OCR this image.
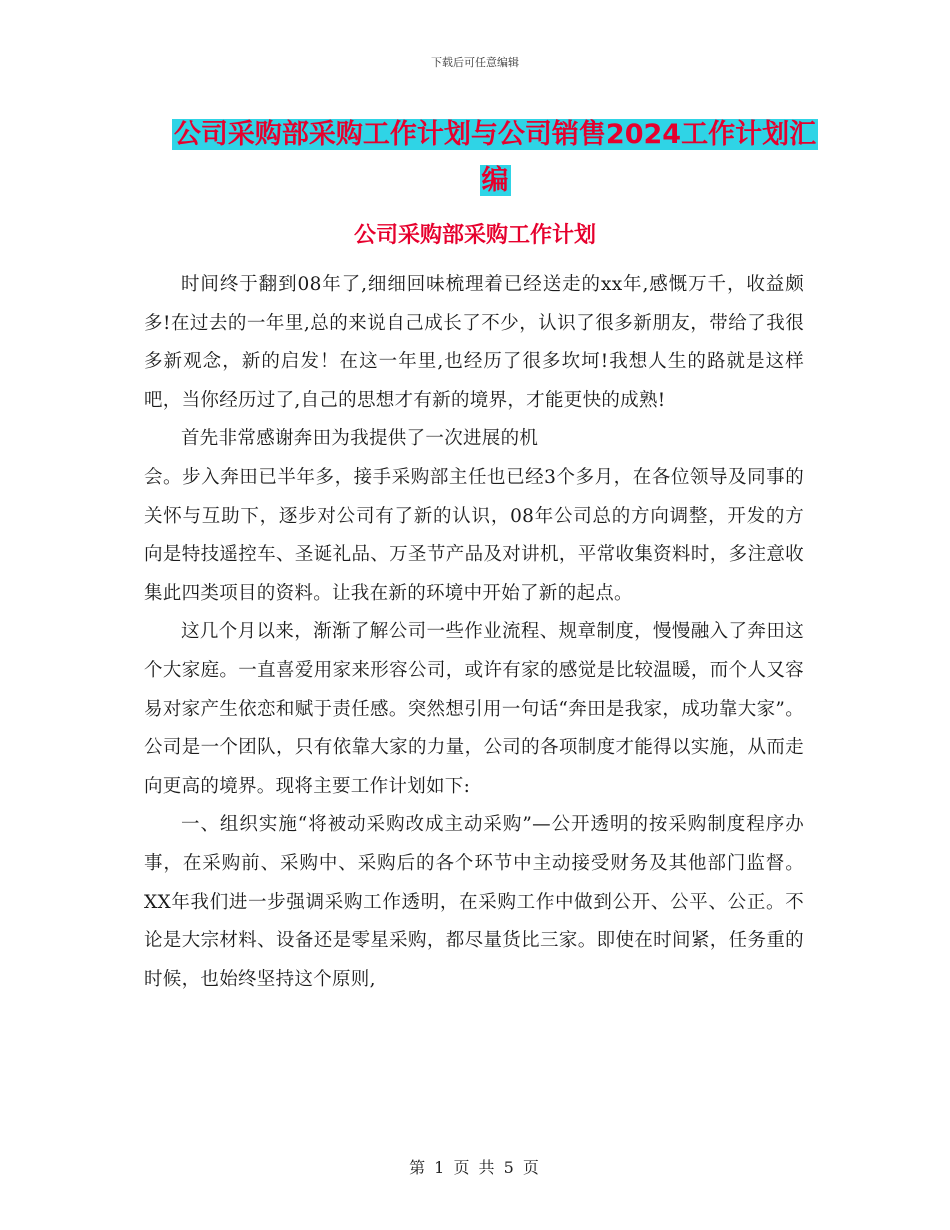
下载后可任意编辑
公司采购部采购工作计划与公司销售2024工作计划汇
编
公司采购部采购工作计划

时间终于翻到08年了,细细回味梳理着已经送走的xx年,感慨万千，收益颇多!在过去的一年里,总的来说自己成长了不少，认识了很多新朋友，带给了我很多新观念，新的启发！在这一年里,也经历了很多坎坷!我想人生的路就是这样吧，当你经历过了,自己的思想才有新的境界，才能更快的成熟!

首先非常感谢奔田为我提供了一次进展的机

会。步入奔田已半年多，接手采购部主任也已经3个多月，在各位领导及同事的关怀与互助下，逐步对公司有了新的认识，08年公司总的方向调整，开发的方向是特技遥控车、圣诞礼品、万圣节产品及对讲机，平常收集资料时，多注意收集此四类项目的资料。让我在新的环境中开始了新的起点。

这几个月以来，渐渐了解公司一些作业流程、规章制度，慢慢融入了奔田这个大家庭。一直喜爱用家来形容公司，或许有家的感觉是比较温暖，而个人又容易对家产生依恋和赋于责任感。突然想引用一句话“奔田是我家，成功靠大家”。公司是一个团队，只有依靠大家的力量，公司的各项制度才能得以实施，从而走向更高的境界。现将主要工作计划如下:

一、组织实施“将被动采购改成主动采购”—公开透明的按采购制度程序办事，在采购前、采购中、采购后的各个环节中主动接受财务及其他部门监督。XX年我们进一步强调采购工作透明，在采购工作中做到公开、公平、公正。不论是大宗材料、设备还是零星采购，都尽量货比三家。即使在时间紧，任务重的时候，也始终坚持这个原则,

第 1 页 共 5 页
